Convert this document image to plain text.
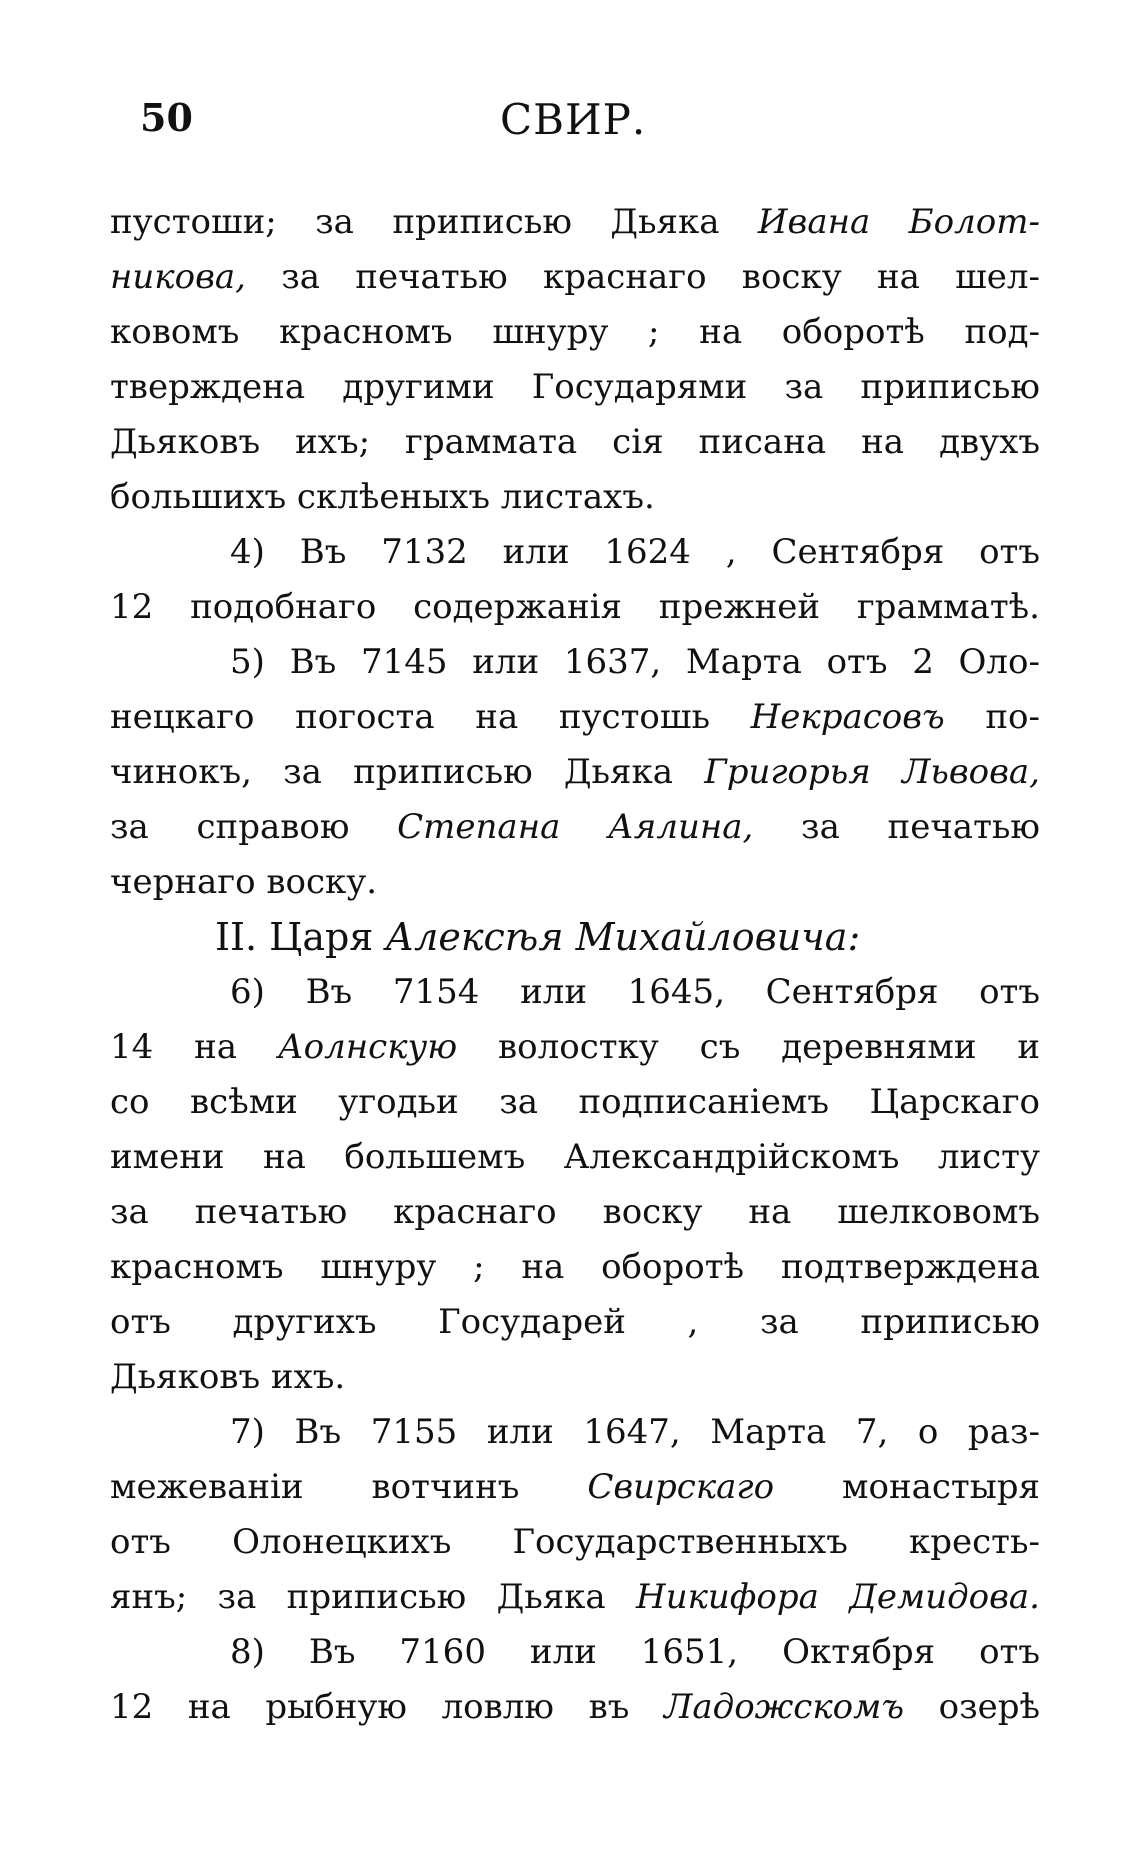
50	СВИР.
пустоши; за приписью Дьяка Ивана Болот-
никова, за печатью краснаго воску на шел-
ковомъ красномъ шнуру ; на оборотѣ под-
тверждена другими Государями за приписью
Дьяковъ ихъ; граммата сія писана на двухъ
большихъ склѣеныхъ листахъ.
4) Въ 7132 или 1624 , Сентября отъ
12 подобнаго содержанія прежней грамматѣ.
5) Въ 7145 или 1637, Марта отъ 2 Оло-
нецкаго погоста на пустошь Некрасовъ по-
чинокъ, за приписью Дьяка Григорья Львова,
за справою Степана Аялина, за печатью
чернаго воску.
II. Царя Алексѣя Михайловича:
6) Въ 7154 или 1645, Сентября отъ
14 на Аолнскую волостку съ деревнями и
со всѣми угодьи за подписаніемъ Царскаго
имени на большемъ Александрійскомъ листу
за печатью краснаго воску на шелковомъ
красномъ шнуру ; на оборотѣ подтверждена
отъ другихъ Государей , за приписью
Дьяковъ ихъ.
7) Въ 7155 или 1647, Марта 7, о раз-
межеваніи вотчинъ Свирскаго монастыря
отъ Олонецкихъ Государственныхъ кресть-
янъ; за приписью Дьяка Никифора Демидова.
8) Въ 7160 или 1651, Октября отъ
12 на рыбную ловлю въ Ладожскомъ озерѣ
